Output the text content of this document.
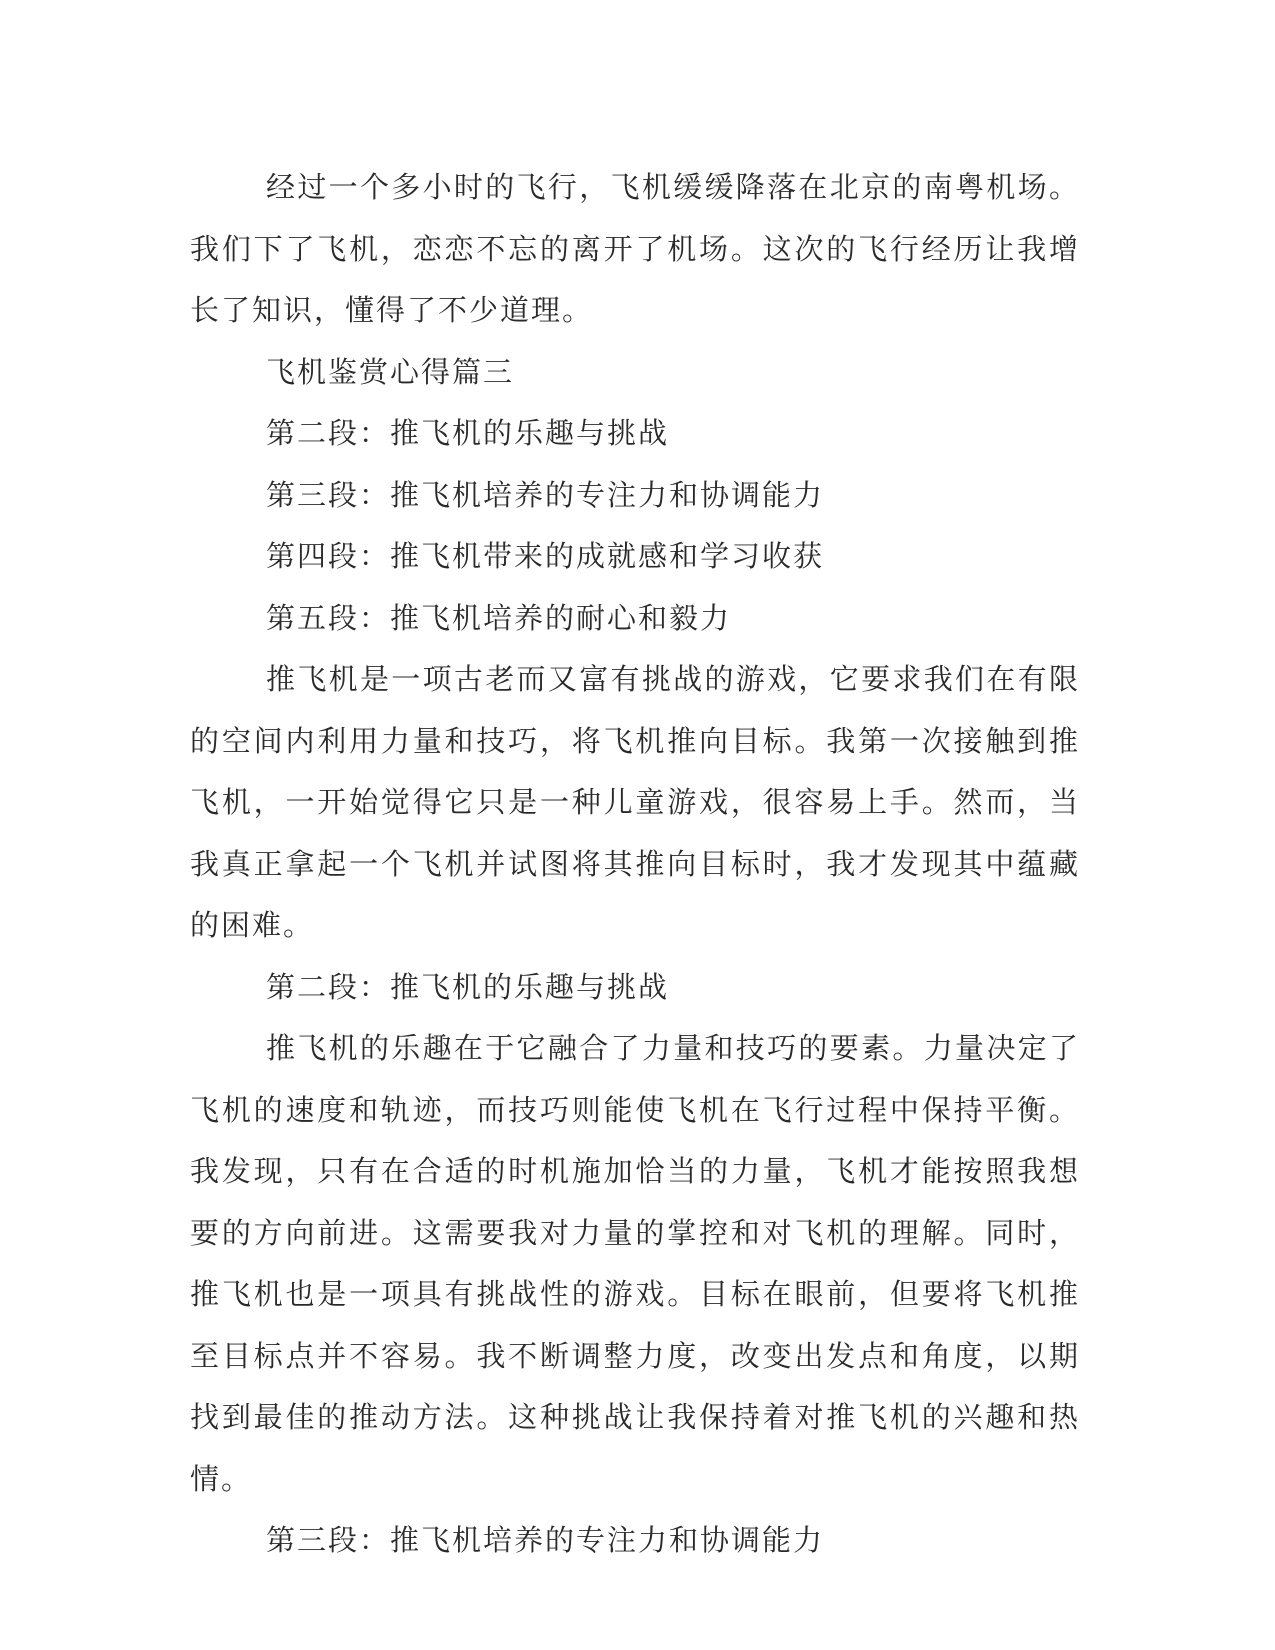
经过一个多小时的飞行，飞机缓缓降落在北京的南粤机场。我们下了飞机，恋恋不忘的离开了机场。这次的飞行经历让我增长了知识，懂得了不少道理。

飞机鉴赏心得篇三

第二段：推飞机的乐趣与挑战

第三段：推飞机培养的专注力和协调能力

第四段：推飞机带来的成就感和学习收获

第五段：推飞机培养的耐心和毅力

推飞机是一项古老而又富有挑战的游戏，它要求我们在有限的空间内利用力量和技巧，将飞机推向目标。我第一次接触到推飞机，一开始觉得它只是一种儿童游戏，很容易上手。然而，当我真正拿起一个飞机并试图将其推向目标时，我才发现其中蕴藏的困难。

第二段：推飞机的乐趣与挑战

推飞机的乐趣在于它融合了力量和技巧的要素。力量决定了飞机的速度和轨迹，而技巧则能使飞机在飞行过程中保持平衡。我发现，只有在合适的时机施加恰当的力量，飞机才能按照我想要的方向前进。这需要我对力量的掌控和对飞机的理解。同时，推飞机也是一项具有挑战性的游戏。目标在眼前，但要将飞机推至目标点并不容易。我不断调整力度，改变出发点和角度，以期找到最佳的推动方法。这种挑战让我保持着对推飞机的兴趣和热情。

第三段：推飞机培养的专注力和协调能力
